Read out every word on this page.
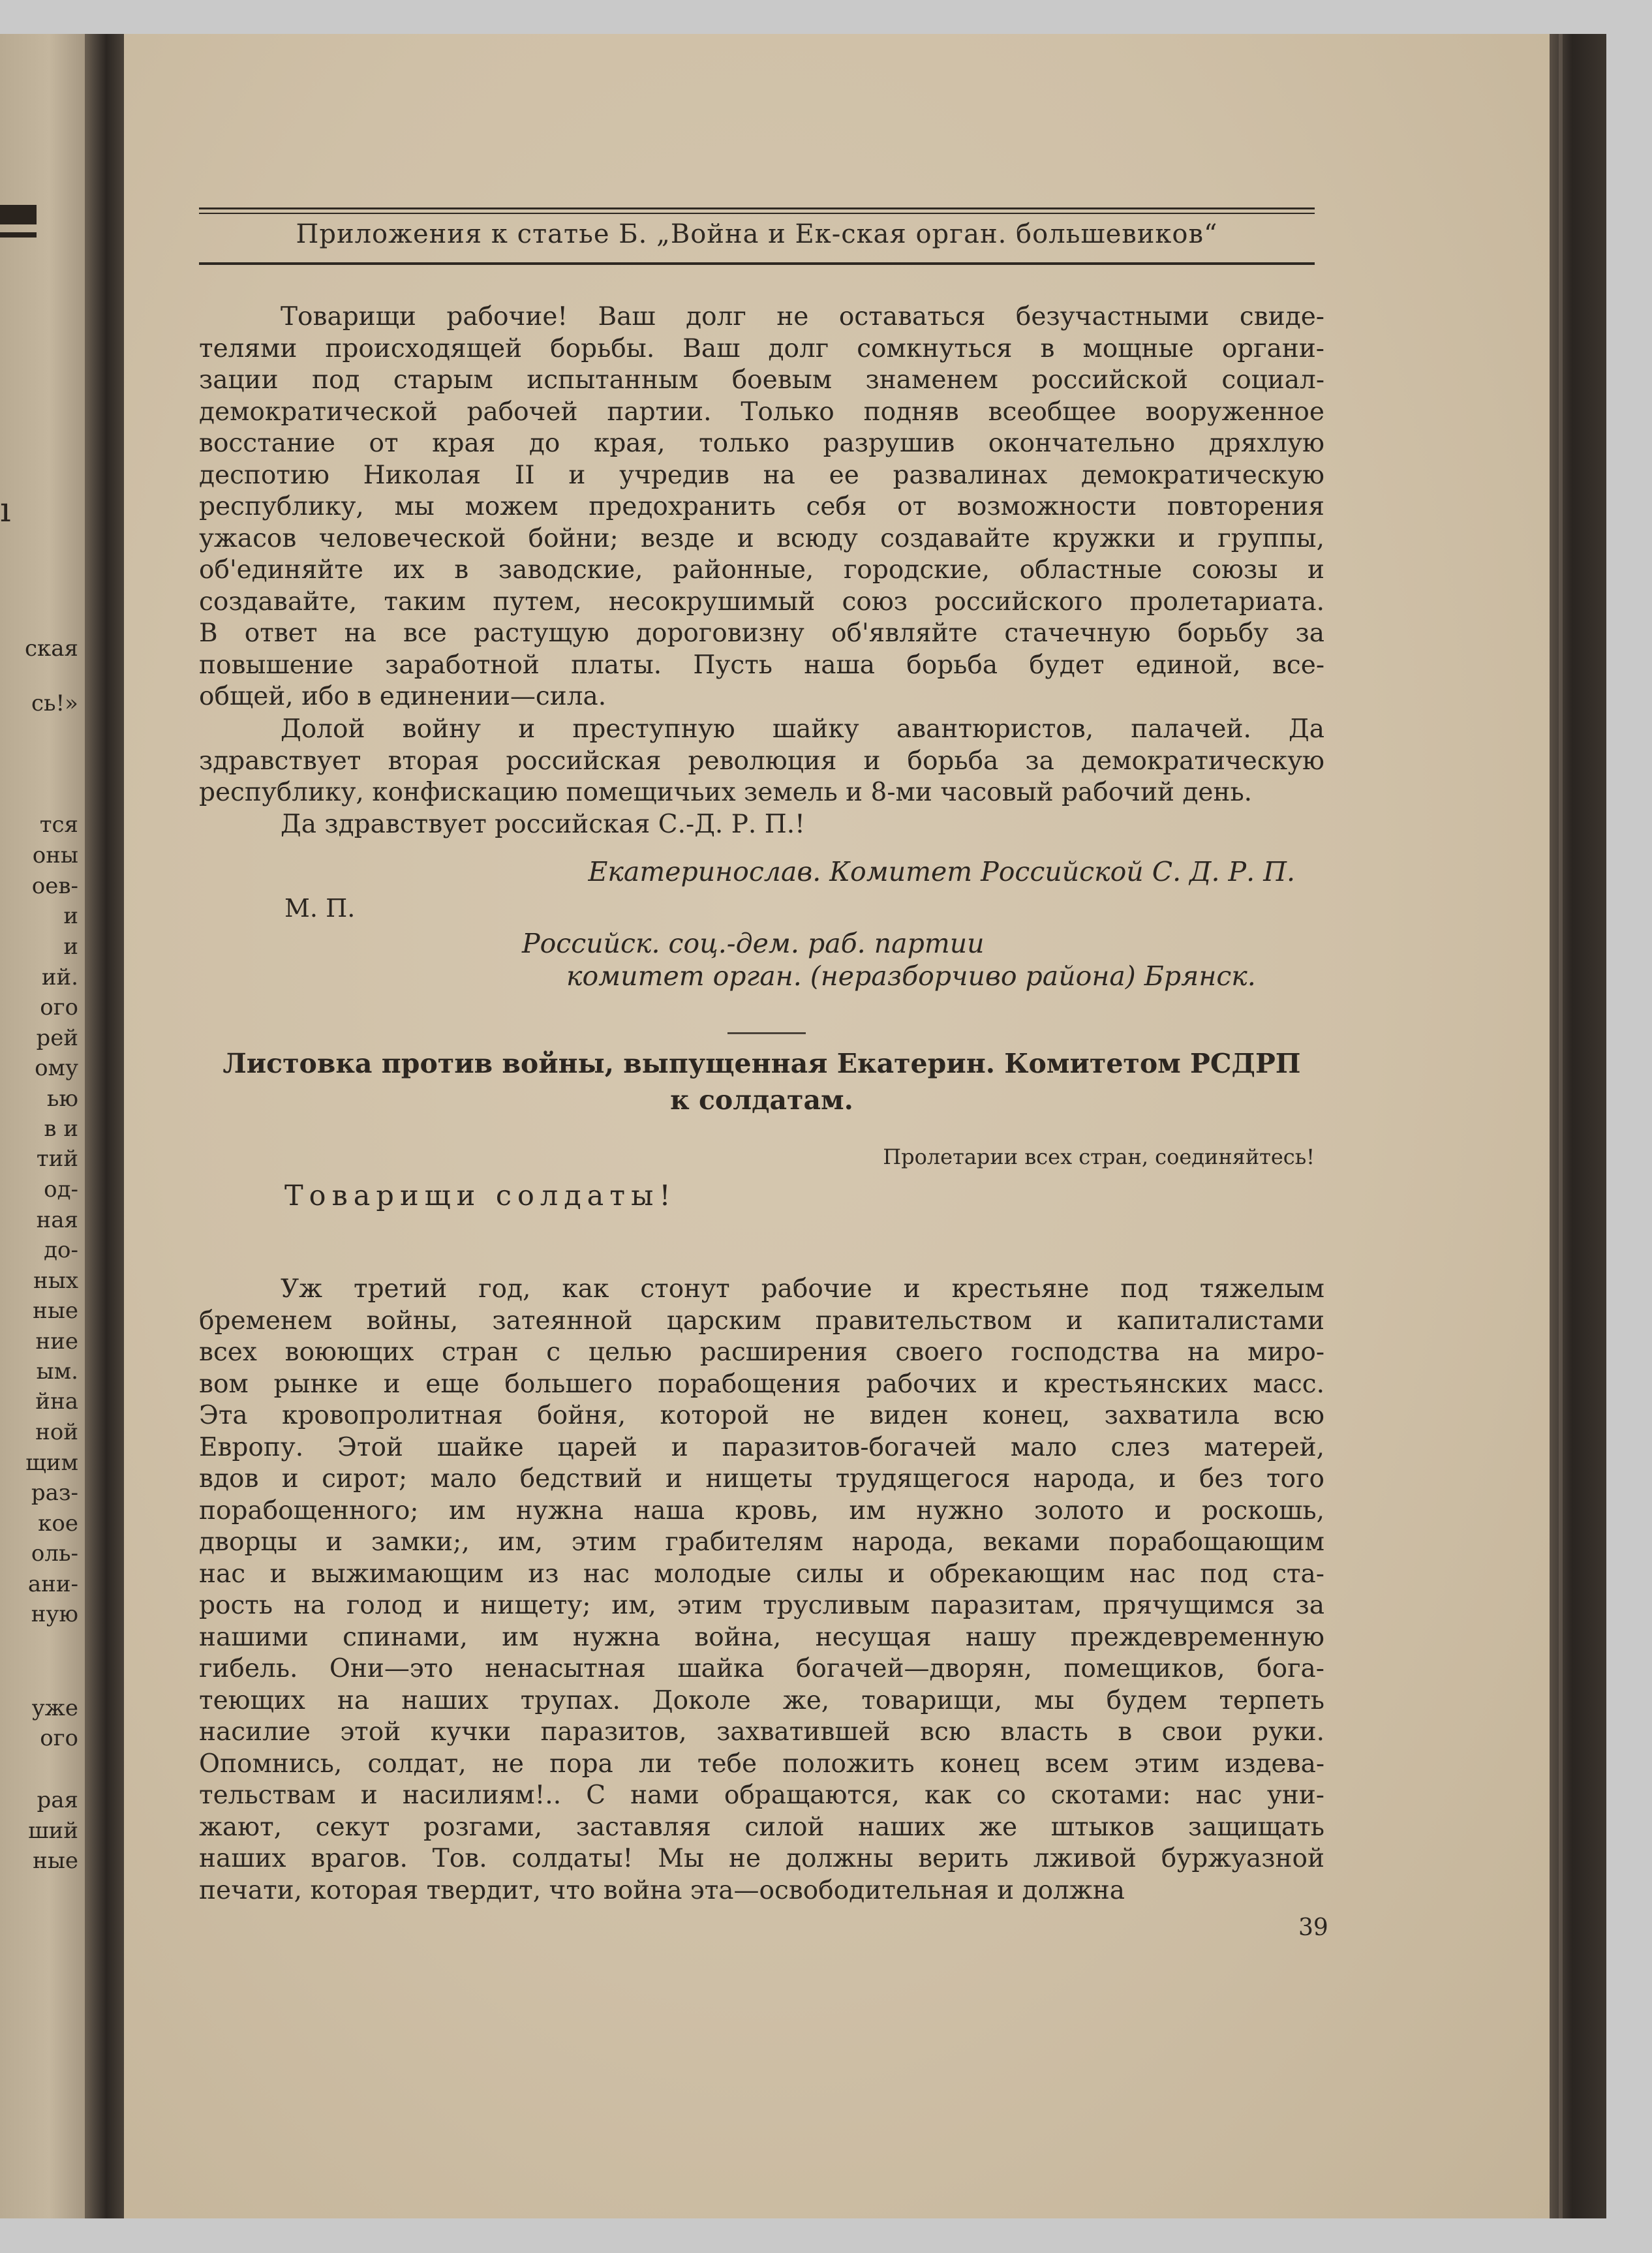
ı
ская
сь!»
тся
оны
оев-
и
и
ий.
ого
рей
ому
ью
в и
тий
од-
ная
до-
ных
ные
ние
ым.
йна
ной
щим
раз-
кое
оль-
ани-
ную
уже
ого
рая
ший
ные
Приложения к статье Б. „Война и Ек-ская орган. большевиков“

Товарищи рабочие! Ваш долг не оставаться безучастными свиде-

телями происходящей борьбы. Ваш долг сомкнуться в мощные органи-

зации под старым испытанным боевым знаменем российской социал-

демократической рабочей партии. Только подняв всеобщее вооруженное

восстание от края до края, только разрушив окончательно дряхлую

деспотию Николая II и учредив на ее развалинах демократическую

республику, мы можем предохранить себя от возможности повторения

ужасов человеческой бойни; везде и всюду создавайте кружки и группы,

об'единяйте их в заводские, районные, городские, областные союзы и

создавайте, таким путем, несокрушимый союз российского пролетариата.

В ответ на все растущую дороговизну об'являйте стачечную борьбу за

повышение заработной платы. Пусть наша борьба будет единой, все-

общей, ибо в единении—сила.

Долой войну и преступную шайку авантюристов, палачей. Да

здравствует вторая российская революция и борьба за демократическую

республику, конфискацию помещичьих земель и 8-ми часовый рабочий день.

Да здравствует российская С.-Д. Р. П.!

Екатеринослав. Комитет Российской С. Д. Р. П.
М. П.
Российск. соц.-дем. раб. партии
комитет орган. (неразборчиво района) Брянск.
Листовка против войны, выпущенная Екатерин. Комитетом РСДРП
к солдатам.
Пролетарии всех стран, соединяйтесь!
Товарищи солдаты!

Уж третий год, как стонут рабочие и крестьяне под тяжелым

бременем войны, затеянной царским правительством и капиталистами

всех воюющих стран с целью расширения своего господства на миро-

вом рынке и еще большего порабощения рабочих и крестьянских масс.

Эта кровопролитная бойня, которой не виден конец, захватила всю

Европу. Этой шайке царей и паразитов-богачей мало слез матерей,

вдов и сирот; мало бедствий и нищеты трудящегося народа, и без того

порабощенного; им нужна наша кровь, им нужно золото и роскошь,

дворцы и замки;, им, этим грабителям народа, веками порабощающим

нас и выжимающим из нас молодые силы и обрекающим нас под ста-

рость на голод и нищету; им, этим трусливым паразитам, прячущимся за

нашими спинами, им нужна война, несущая нашу преждевременную

гибель. Они—это ненасытная шайка богачей—дворян, помещиков, бога-

теющих на наших трупах. Доколе же, товарищи, мы будем терпеть

насилие этой кучки паразитов, захватившей всю власть в свои руки.

Опомнись, солдат, не пора ли тебе положить конец всем этим издева-

тельствам и насилиям!.. С нами обращаются, как со скотами: нас уни-

жают, секут розгами, заставляя силой наших же штыков защищать

наших врагов. Тов. солдаты! Мы не должны верить лживой буржуазной

печати, которая твердит, что война эта—освободительная и должна

39
